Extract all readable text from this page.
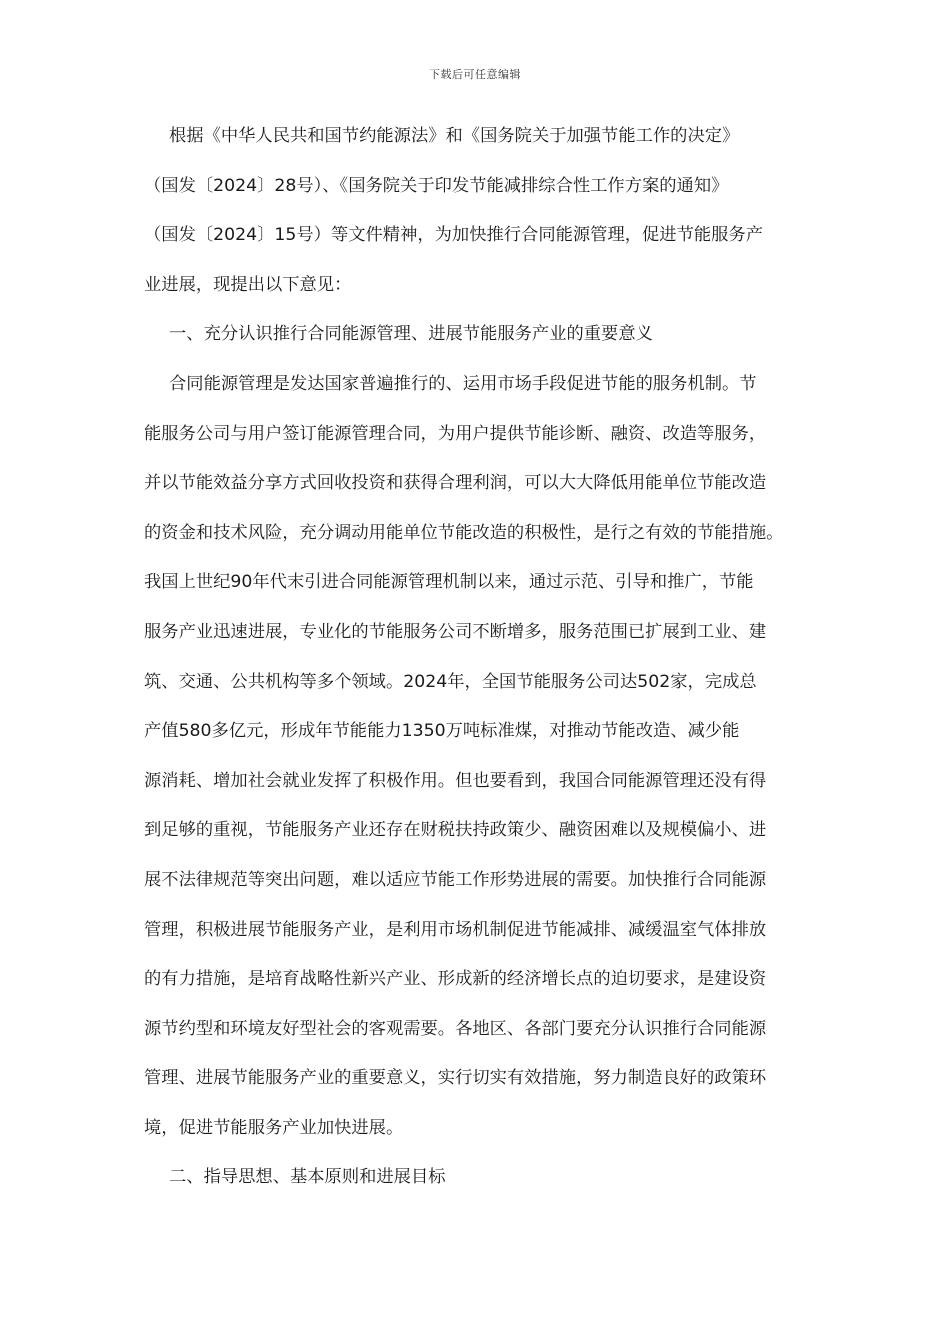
下载后可任意编辑
根据《中华人民共和国节约能源法》和《国务院关于加强节能工作的决定》
（国发〔2024〕28号）、《国务院关于印发节能减排综合性工作方案的通知》
（国发〔2024〕15号）等文件精神，为加快推行合同能源管理，促进节能服务产
业进展，现提出以下意见：
一、充分认识推行合同能源管理、进展节能服务产业的重要意义
合同能源管理是发达国家普遍推行的、运用市场手段促进节能的服务机制。节
能服务公司与用户签订能源管理合同，为用户提供节能诊断、融资、改造等服务，
并以节能效益分享方式回收投资和获得合理利润，可以大大降低用能单位节能改造
的资金和技术风险，充分调动用能单位节能改造的积极性，是行之有效的节能措施。
我国上世纪90年代末引进合同能源管理机制以来，通过示范、引导和推广，节能
服务产业迅速进展，专业化的节能服务公司不断增多，服务范围已扩展到工业、建
筑、交通、公共机构等多个领域。2024年，全国节能服务公司达502家，完成总
产值580多亿元，形成年节能能力1350万吨标准煤，对推动节能改造、减少能
源消耗、增加社会就业发挥了积极作用。但也要看到，我国合同能源管理还没有得
到足够的重视，节能服务产业还存在财税扶持政策少、融资困难以及规模偏小、进
展不法律规范等突出问题，难以适应节能工作形势进展的需要。加快推行合同能源
管理，积极进展节能服务产业，是利用市场机制促进节能减排、减缓温室气体排放
的有力措施，是培育战略性新兴产业、形成新的经济增长点的迫切要求，是建设资
源节约型和环境友好型社会的客观需要。各地区、各部门要充分认识推行合同能源
管理、进展节能服务产业的重要意义，实行切实有效措施，努力制造良好的政策环
境，促进节能服务产业加快进展。
二、指导思想、基本原则和进展目标
